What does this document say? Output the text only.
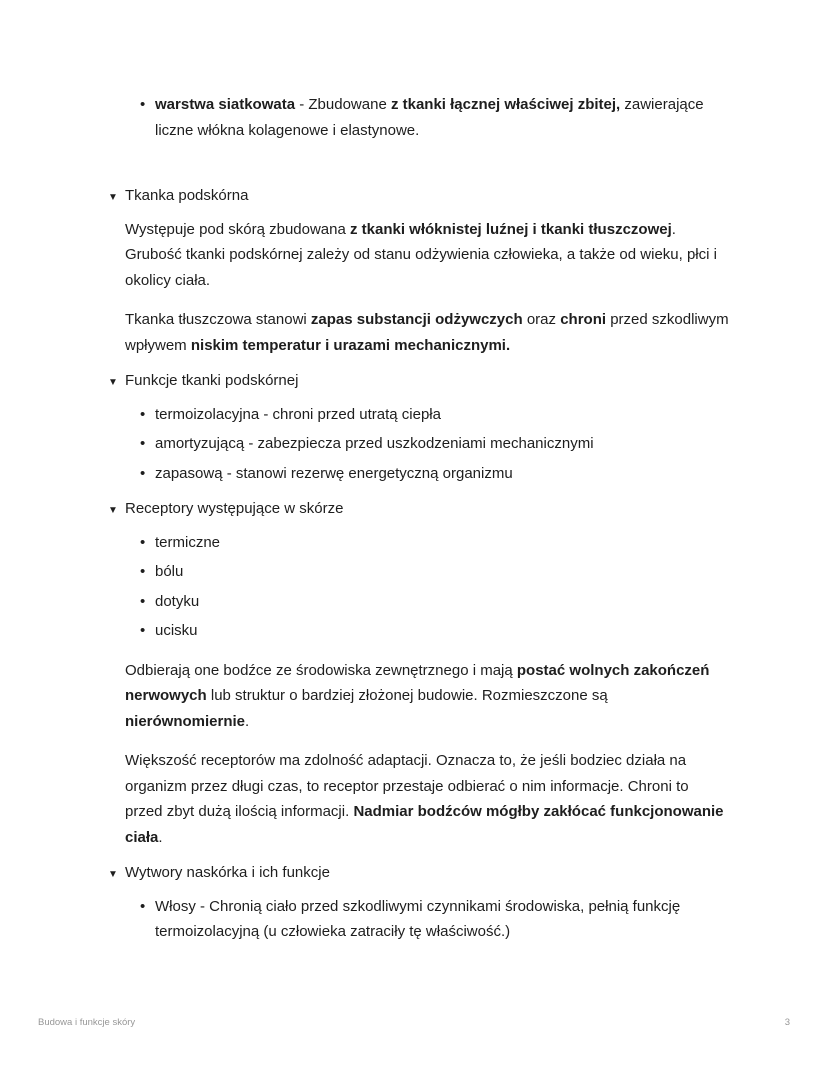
• warstwa siatkowata - Zbudowane z tkanki łącznej właściwej zbitej, zawierające liczne włókna kolagenowe i elastynowe.
▼ Tkanka podskórna

Występuje pod skórą zbudowana z tkanki włóknistej luźnej i tkanki tłuszczowej. Grubość tkanki podskórnej zależy od stanu odżywienia człowieka, a także od wieku, płci i okolicy ciała.

Tkanka tłuszczowa stanowi zapas substancji odżywczych oraz chroni przed szkodliwym wpływem niskim temperatur i urazami mechanicznymi.

▼ Funkcje tkanki podskórnej
• termoizolacyjna - chroni przed utratą ciepła
• amortyzującą - zabezpiecza przed uszkodzeniami mechanicznymi
• zapasową - stanowi rezerwę energetyczną organizmu
▼ Receptory występujące w skórze
• termiczne
• bólu
• dotyku
• ucisku

Odbierają one bodźce ze środowiska zewnętrznego i mają postać wolnych zakończeń nerwowych lub struktur o bardziej złożonej budowie. Rozmieszczone są nierównomiernie.

Większość receptorów ma zdolność adaptacji. Oznacza to, że jeśli bodziec działa na organizm przez długi czas, to receptor przestaje odbierać o nim informacje. Chroni to przed zbyt dużą ilością informacji. Nadmiar bodźców mógłby zakłócać funkcjonowanie ciała.

▼ Wytwory naskórka i ich funkcje
• Włosy - Chronią ciało przed szkodliwymi czynnikami środowiska, pełnią funkcję termoizolacyjną (u człowieka zatraciły tę właściwość.)
Budowa i funkcje skóry	3
